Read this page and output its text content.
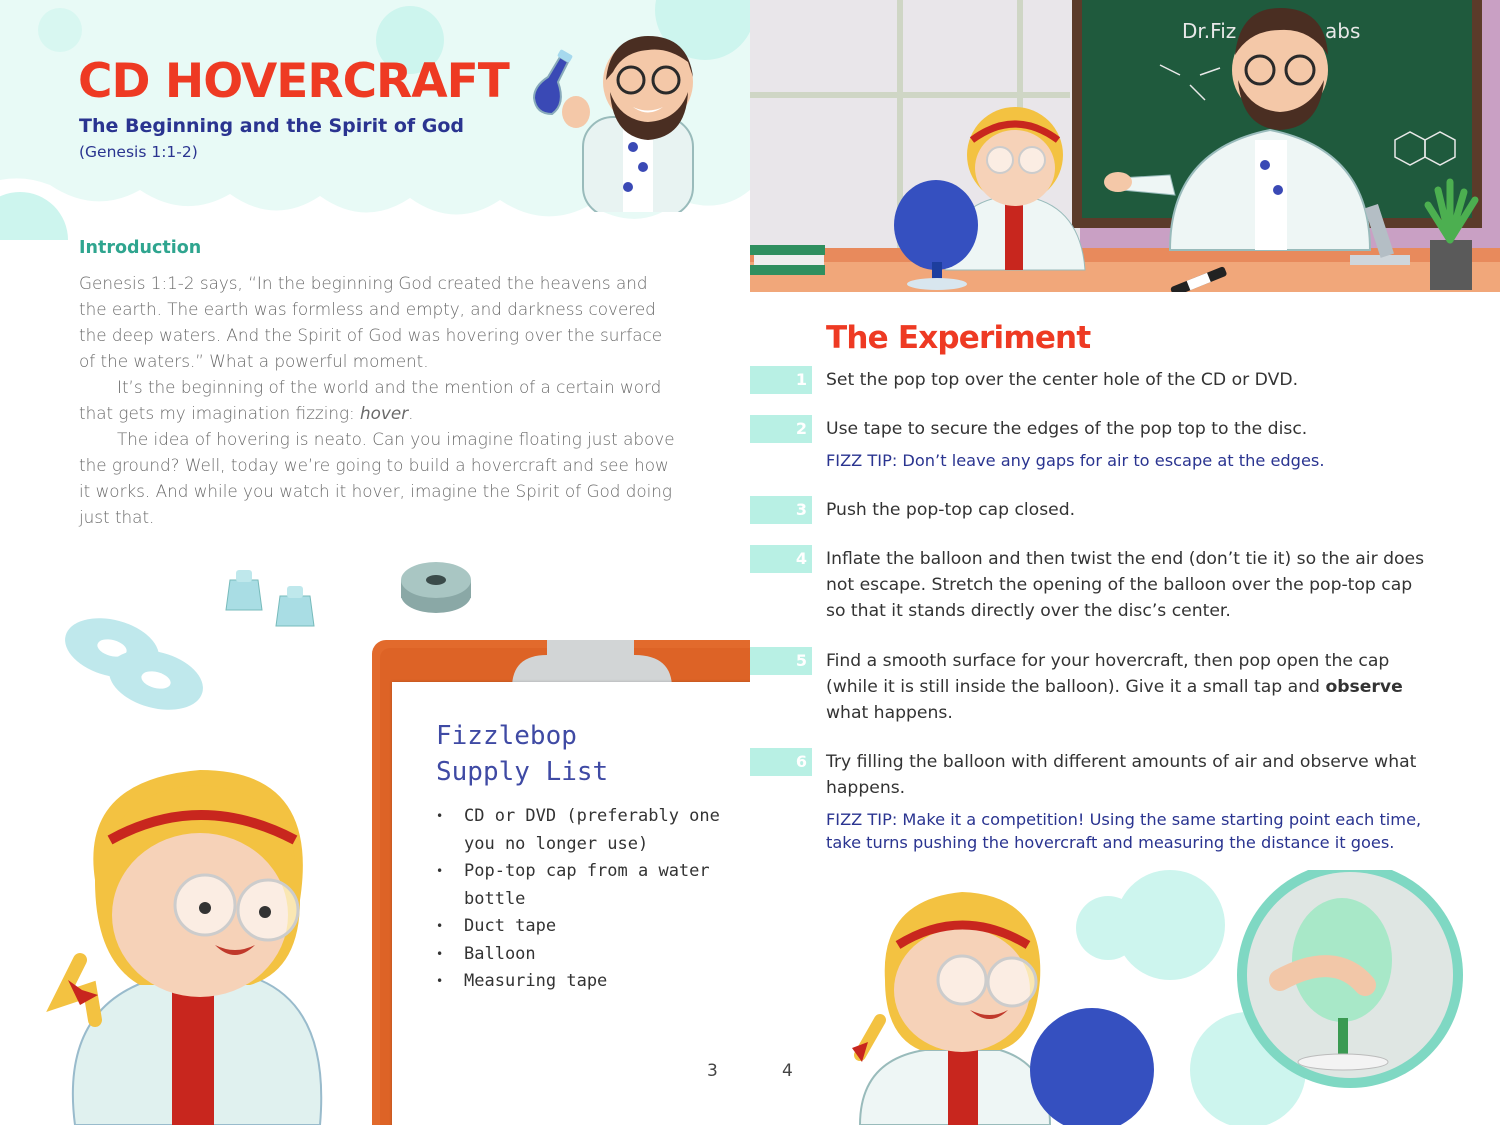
CD HOVERCRAFT
The Beginning and the Spirit of God
(Genesis 1:1-2)
Introduction

Genesis 1:1-2 says, “In the beginning God created the heavens and the earth. The earth was formless and empty, and darkness covered the deep waters. And the Spirit of God was hovering over the surface of the waters.” What a powerful moment.

It’s the beginning of the world and the mention of a certain word that gets my imagination fizzing: hover.

The idea of hovering is neato. Can you imagine floating just above the ground? Well, today we’re going to build a hovercraft and see how it works. And while you watch it hover, imagine the Spirit of God doing just that.

Fizzlebop
Supply List
• CD or DVD (preferably one you no longer use)
• Pop-top cap from a water bottle
• Duct tape
• Balloon
• Measuring tape
3
Dr.Fiz	abs
The Experiment
1 Set the pop top over the center hole of the CD or DVD.
2 Use tape to secure the edges of the pop top to the disc.
FIZZ TIP: Don’t leave any gaps for air to escape at the edges.
3 Push the pop-top cap closed.
4 Inflate the balloon and then twist the end (don’t tie it) so the air does not escape. Stretch the opening of the balloon over the pop-top cap so that it stands directly over the disc’s center.
5 Find a smooth surface for your hovercraft, then pop open the cap (while it is still inside the balloon). Give it a small tap and observe what happens.
6 Try filling the balloon with different amounts of air and observe what happens.
FIZZ TIP: Make it a competition! Using the same starting point each time, take turns pushing the hovercraft and measuring the distance it goes.
4
